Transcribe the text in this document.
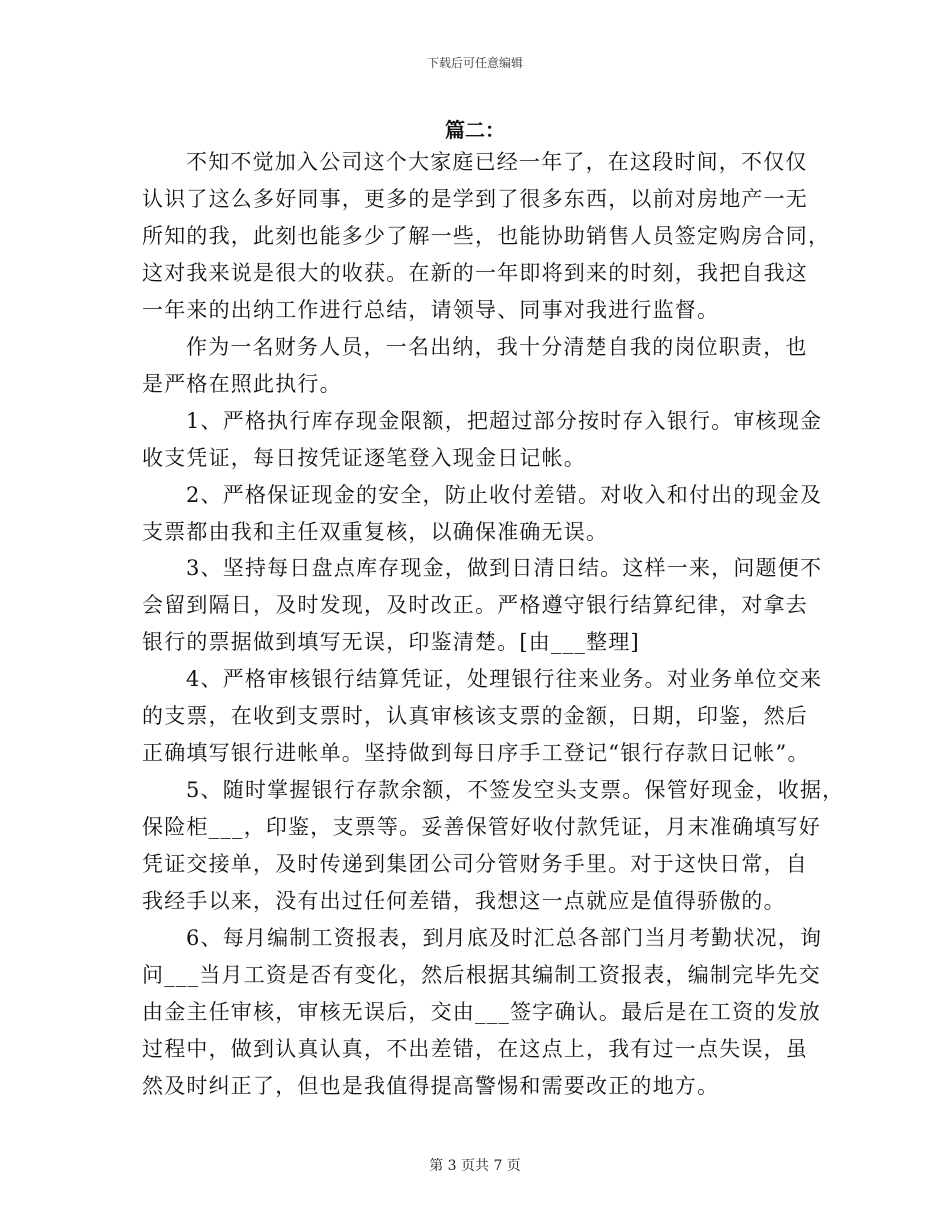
下载后可任意编辑
篇二：
不知不觉加入公司这个大家庭已经一年了，在这段时间，不仅仅
认识了这么多好同事，更多的是学到了很多东西，以前对房地产一无
所知的我，此刻也能多少了解一些，也能协助销售人员签定购房合同，
这对我来说是很大的收获。在新的一年即将到来的时刻，我把自我这
一年来的出纳工作进行总结，请领导、同事对我进行监督。
作为一名财务人员，一名出纳，我十分清楚自我的岗位职责，也
是严格在照此执行。
1、严格执行库存现金限额，把超过部分按时存入银行。审核现金
收支凭证，每日按凭证逐笔登入现金日记帐。
2、严格保证现金的安全，防止收付差错。对收入和付出的现金及
支票都由我和主任双重复核，以确保准确无误。
3、坚持每日盘点库存现金，做到日清日结。这样一来，问题便不
会留到隔日，及时发现，及时改正。严格遵守银行结算纪律，对拿去
银行的票据做到填写无误，印鉴清楚。[由___整理]
4、严格审核银行结算凭证，处理银行往来业务。对业务单位交来
的支票，在收到支票时，认真审核该支票的金额，日期，印鉴，然后
正确填写银行进帐单。坚持做到每日序手工登记“银行存款日记帐”。
5、随时掌握银行存款余额，不签发空头支票。保管好现金，收据，
保险柜___，印鉴，支票等。妥善保管好收付款凭证，月末准确填写好
凭证交接单，及时传递到集团公司分管财务手里。对于这快日常，自
我经手以来，没有出过任何差错，我想这一点就应是值得骄傲的。
6、每月编制工资报表，到月底及时汇总各部门当月考勤状况，询
问___当月工资是否有变化，然后根据其编制工资报表，编制完毕先交
由金主任审核，审核无误后，交由___签字确认。最后是在工资的发放
过程中，做到认真认真，不出差错，在这点上，我有过一点失误，虽
然及时纠正了，但也是我值得提高警惕和需要改正的地方。
第 3 页共 7 页
